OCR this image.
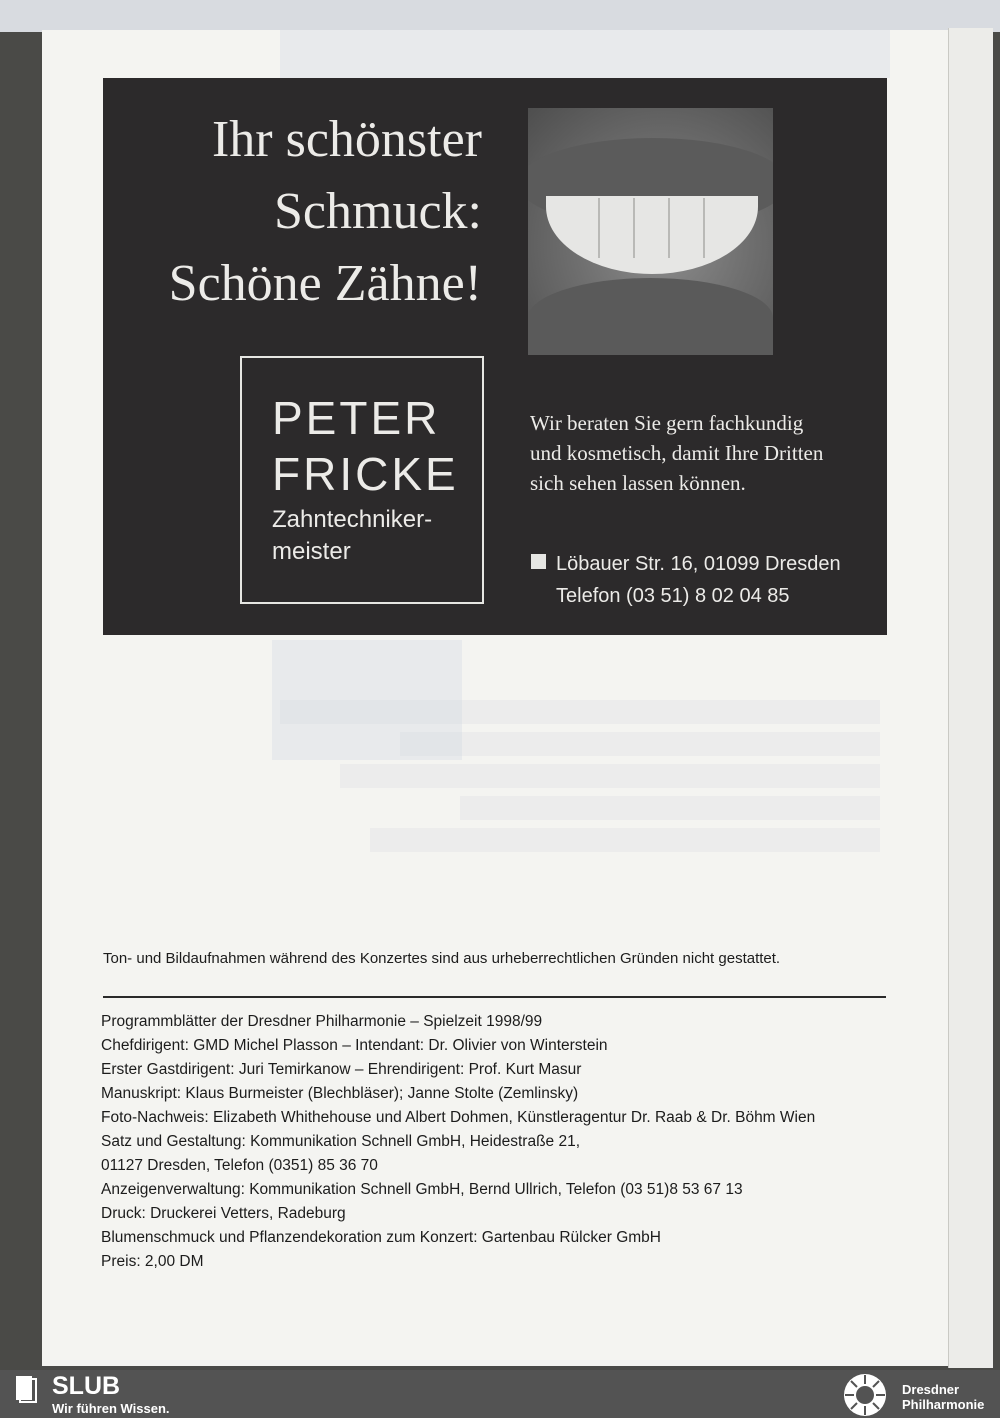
Ihr schönster
Schmuck:
Schöne Zähne!
PETER
FRICKE
Zahntechniker-
meister
Wir beraten Sie gern fachkundig
und kosmetisch, damit Ihre Dritten
sich sehen lassen können.
Löbauer Str. 16, 01099 Dresden
Telefon (03 51) 8 02 04 85
Ton- und Bildaufnahmen während des Konzertes sind aus urheberrechtlichen Gründen nicht gestattet.
Programmblätter der Dresdner Philharmonie – Spielzeit 1998/99
Chefdirigent: GMD Michel Plasson – Intendant: Dr. Olivier von Winterstein
Erster Gastdirigent: Juri Temirkanow – Ehrendirigent: Prof. Kurt Masur
Manuskript: Klaus Burmeister (Blechbläser); Janne Stolte (Zemlinsky)
Foto-Nachweis: Elizabeth Whithehouse und Albert Dohmen, Künstleragentur Dr. Raab & Dr. Böhm Wien
Satz und Gestaltung: Kommunikation Schnell GmbH, Heidestraße 21,
01127 Dresden, Telefon (0351) 85 36 70
Anzeigenverwaltung: Kommunikation Schnell GmbH, Bernd Ullrich, Telefon (03 51)8 53 67 13
Druck: Druckerei Vetters, Radeburg
Blumenschmuck und Pflanzendekoration zum Konzert: Gartenbau Rülcker GmbH
Preis: 2,00 DM
SLUB
Wir führen Wissen.
Dresdner
Philharmonie
